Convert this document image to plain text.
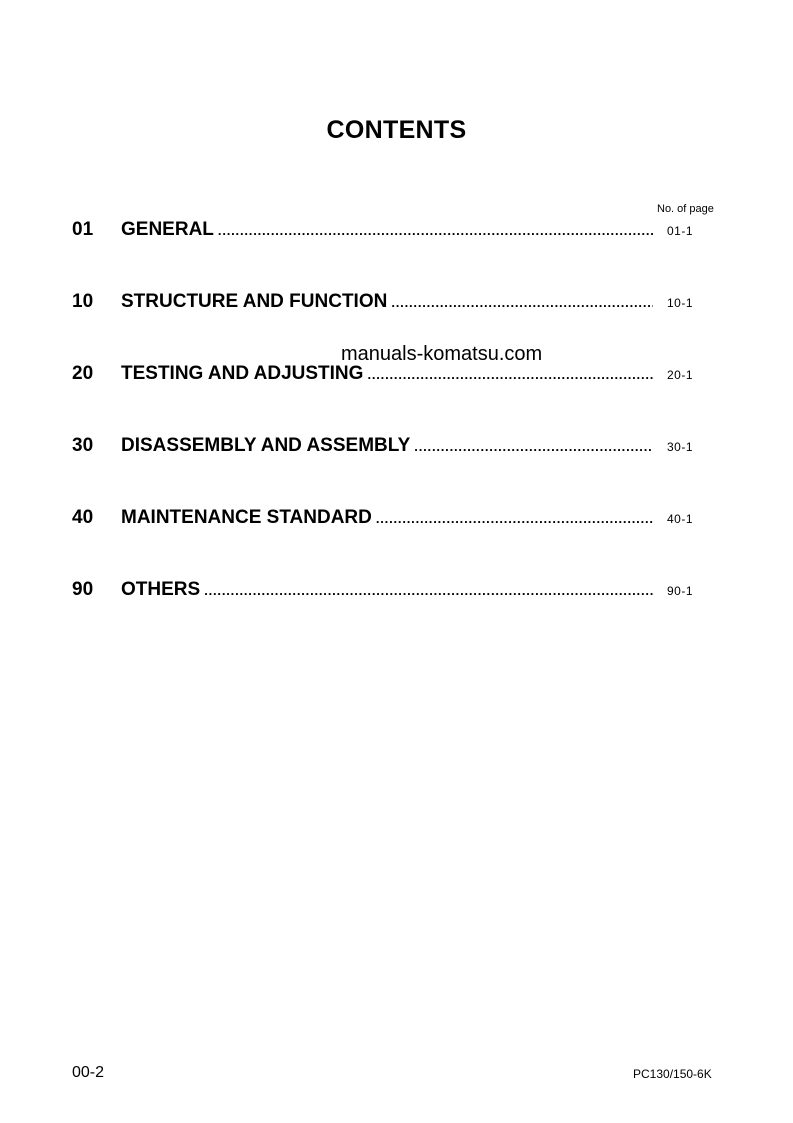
CONTENTS
No. of page
01 GENERAL .....	01-1
10 STRUCTURE AND FUNCTION .....	10-1
20 TESTING AND ADJUSTING .....	20-1
30 DISASSEMBLY AND ASSEMBLY .....	30-1
40 MAINTENANCE STANDARD .....	40-1
90 OTHERS .....	90-1
manuals-komatsu.com
00-2	PC130/150-6K
